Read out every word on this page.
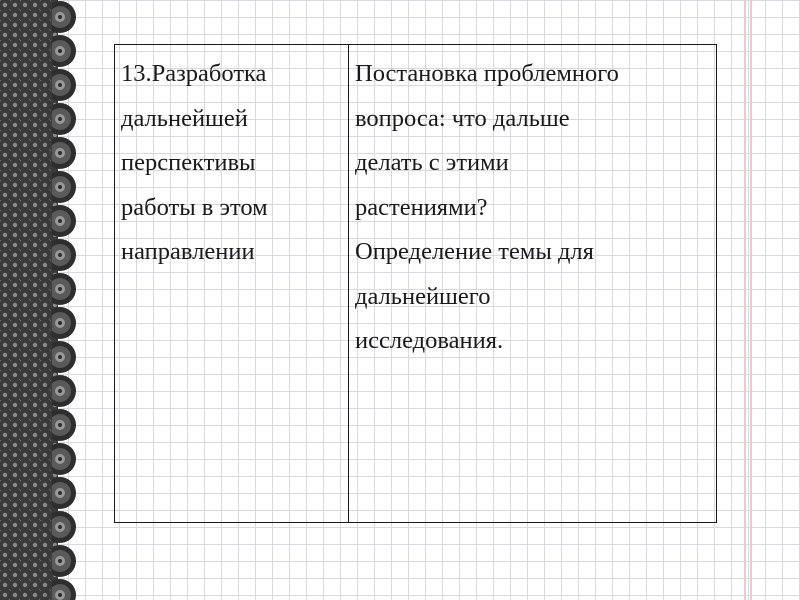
13.Разработка
дальнейшей
перспективы
работы в этом
направлении	Постановка проблемного
вопроса: что дальше
делать с этими
растениями?
Определение темы для
дальнейшего
исследования.
